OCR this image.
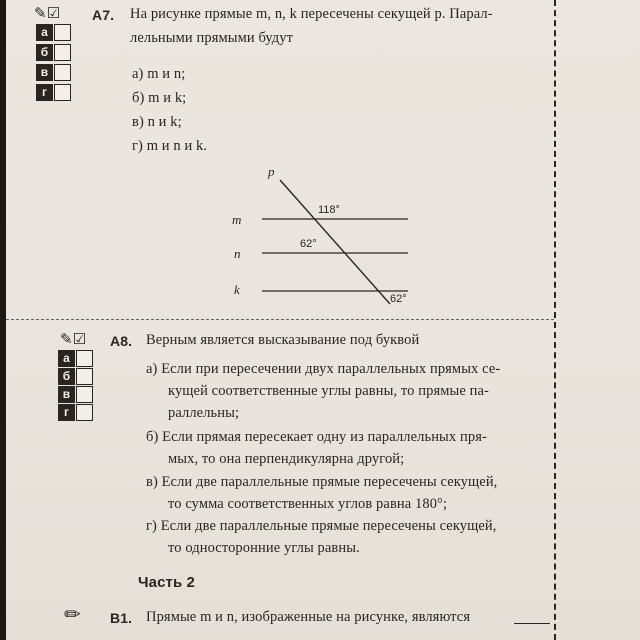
✎☑
а
б
в
г
A7. На рисунке прямые m, n, k пересечены секущей p. Парал-
лельными прямыми будут
а) m и n;
б) m и k;
в) n и k;
г) m и n и k.
p
m
n
k
118°
62°
62°
✎☑
а
б
в
г
A8. Верным является высказывание под буквой
а) Если при пересечении двух параллельных прямых се-
кущей соответственные углы равны, то прямые па-
раллельны;
б) Если прямая пересекает одну из параллельных пря-
мых, то она перпендикулярна другой;
в) Если две параллельные прямые пересечены секущей,
то сумма соответственных углов равна 180°;
г) Если две параллельные прямые пересечены секущей,
то односторонние углы равны.
Часть 2
✏ B1. Прямые m и n, изображенные на рисунке, являются
